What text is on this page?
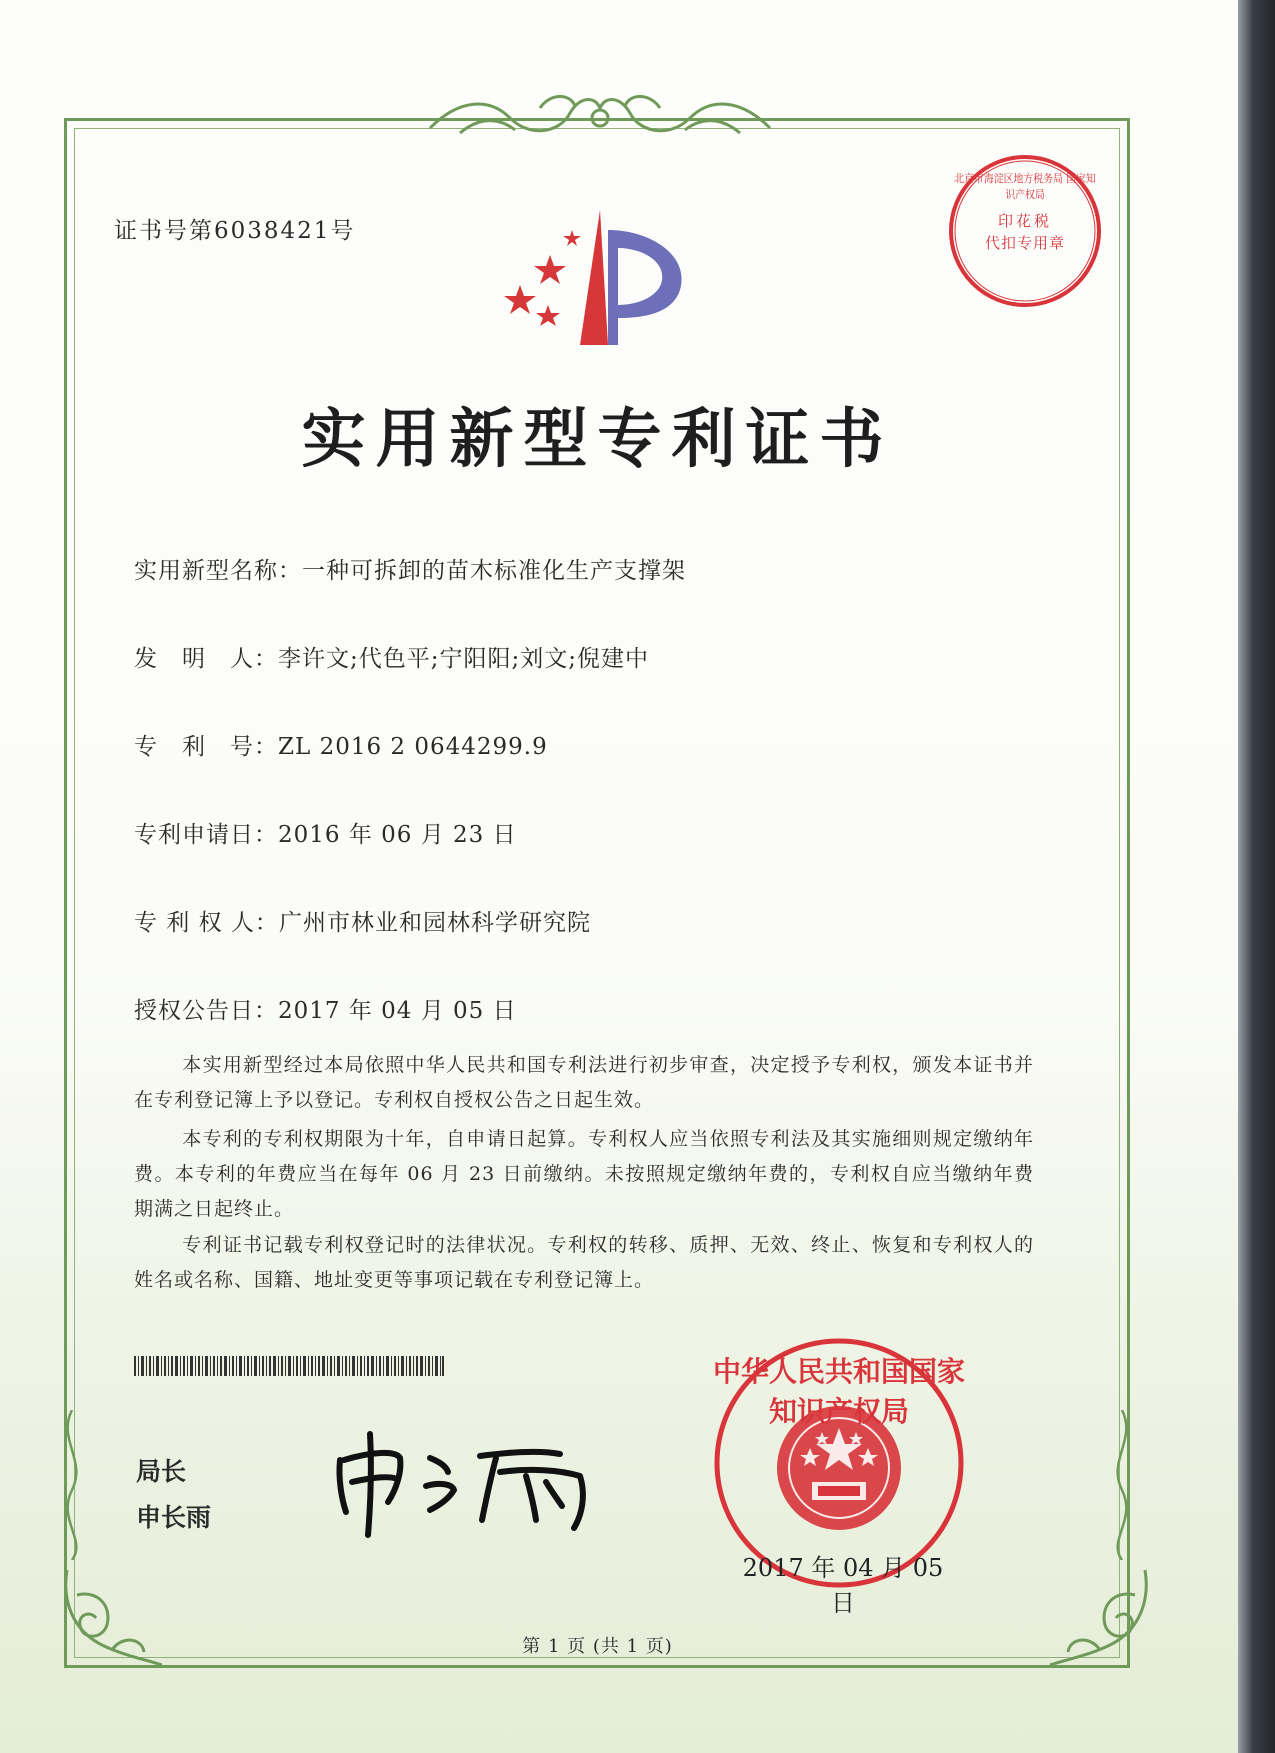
证书号第6038421号
北京市海淀区地方税务局 国家知识产权局
印花税
代扣专用章
实用新型专利证书
实用新型名称：一种可拆卸的苗木标准化生产支撑架
发　明　人：李许文;代色平;宁阳阳;刘文;倪建中
专　利　号：ZL 2016 2 0644299.9
专利申请日：2016 年 06 月 23 日
专 利 权 人：广州市林业和园林科学研究院
授权公告日：2017 年 04 月 05 日
本实用新型经过本局依照中华人民共和国专利法进行初步审查，决定授予专利权，颁发本证书并在专利登记簿上予以登记。专利权自授权公告之日起生效。
本专利的专利权期限为十年，自申请日起算。专利权人应当依照专利法及其实施细则规定缴纳年费。本专利的年费应当在每年 06 月 23 日前缴纳。未按照规定缴纳年费的，专利权自应当缴纳年费期满之日起终止。
专利证书记载专利权登记时的法律状况。专利权的转移、质押、无效、终止、恢复和专利权人的姓名或名称、国籍、地址变更等事项记载在专利登记簿上。
局长
申长雨
中华人民共和国国家知识产权局
2017 年 04 月 05 日
第 1 页 (共 1 页)
